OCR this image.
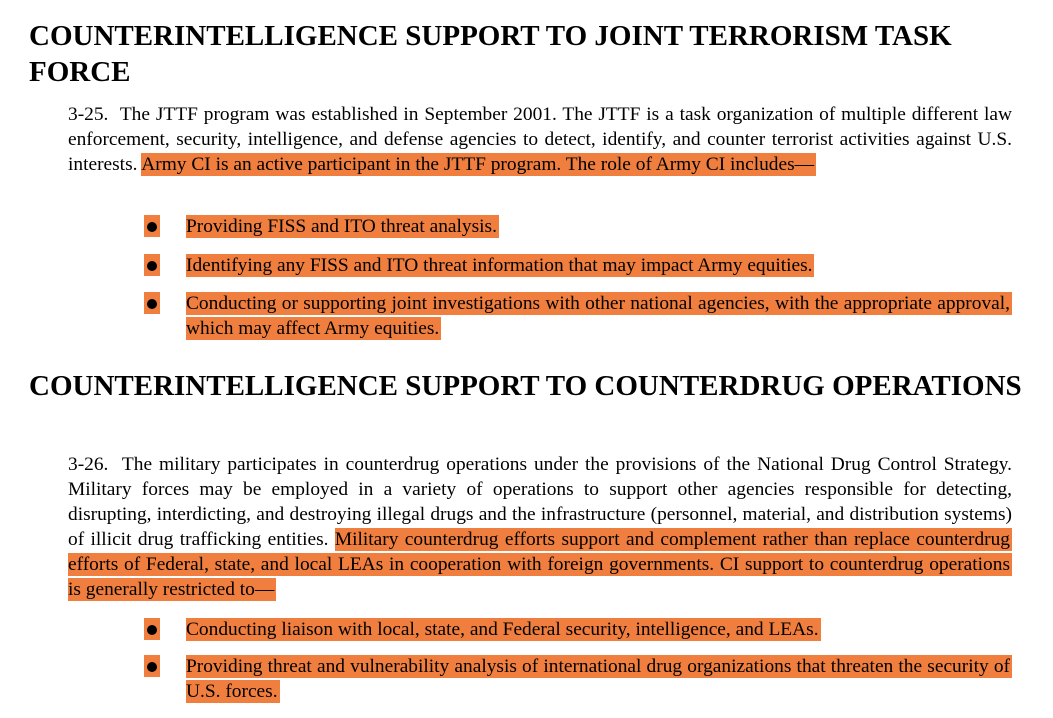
COUNTERINTELLIGENCE SUPPORT TO JOINT TERRORISM TASK FORCE

3-25. The JTTF program was established in September 2001. The JTTF is a task organization of multiple different law enforcement, security, intelligence, and defense agencies to detect, identify, and counter terrorist activities against U.S. interests. Army CI is an active participant in the JTTF program. The role of Army CI includes—

Providing FISS and ITO threat analysis.
Identifying any FISS and ITO threat information that may impact Army equities.
Conducting or supporting joint investigations with other national agencies, with the appropriate approval, which may affect Army equities.
COUNTERINTELLIGENCE SUPPORT TO COUNTERDRUG OPERATIONS

3-26. The military participates in counterdrug operations under the provisions of the National Drug Control Strategy. Military forces may be employed in a variety of operations to support other agencies responsible for detecting, disrupting, interdicting, and destroying illegal drugs and the infrastructure (personnel, material, and distribution systems) of illicit drug trafficking entities. Military counterdrug efforts support and complement rather than replace counterdrug efforts of Federal, state, and local LEAs in cooperation with foreign governments. CI support to counterdrug operations is generally restricted to—

Conducting liaison with local, state, and Federal security, intelligence, and LEAs.
Providing threat and vulnerability analysis of international drug organizations that threaten the security of U.S. forces.
